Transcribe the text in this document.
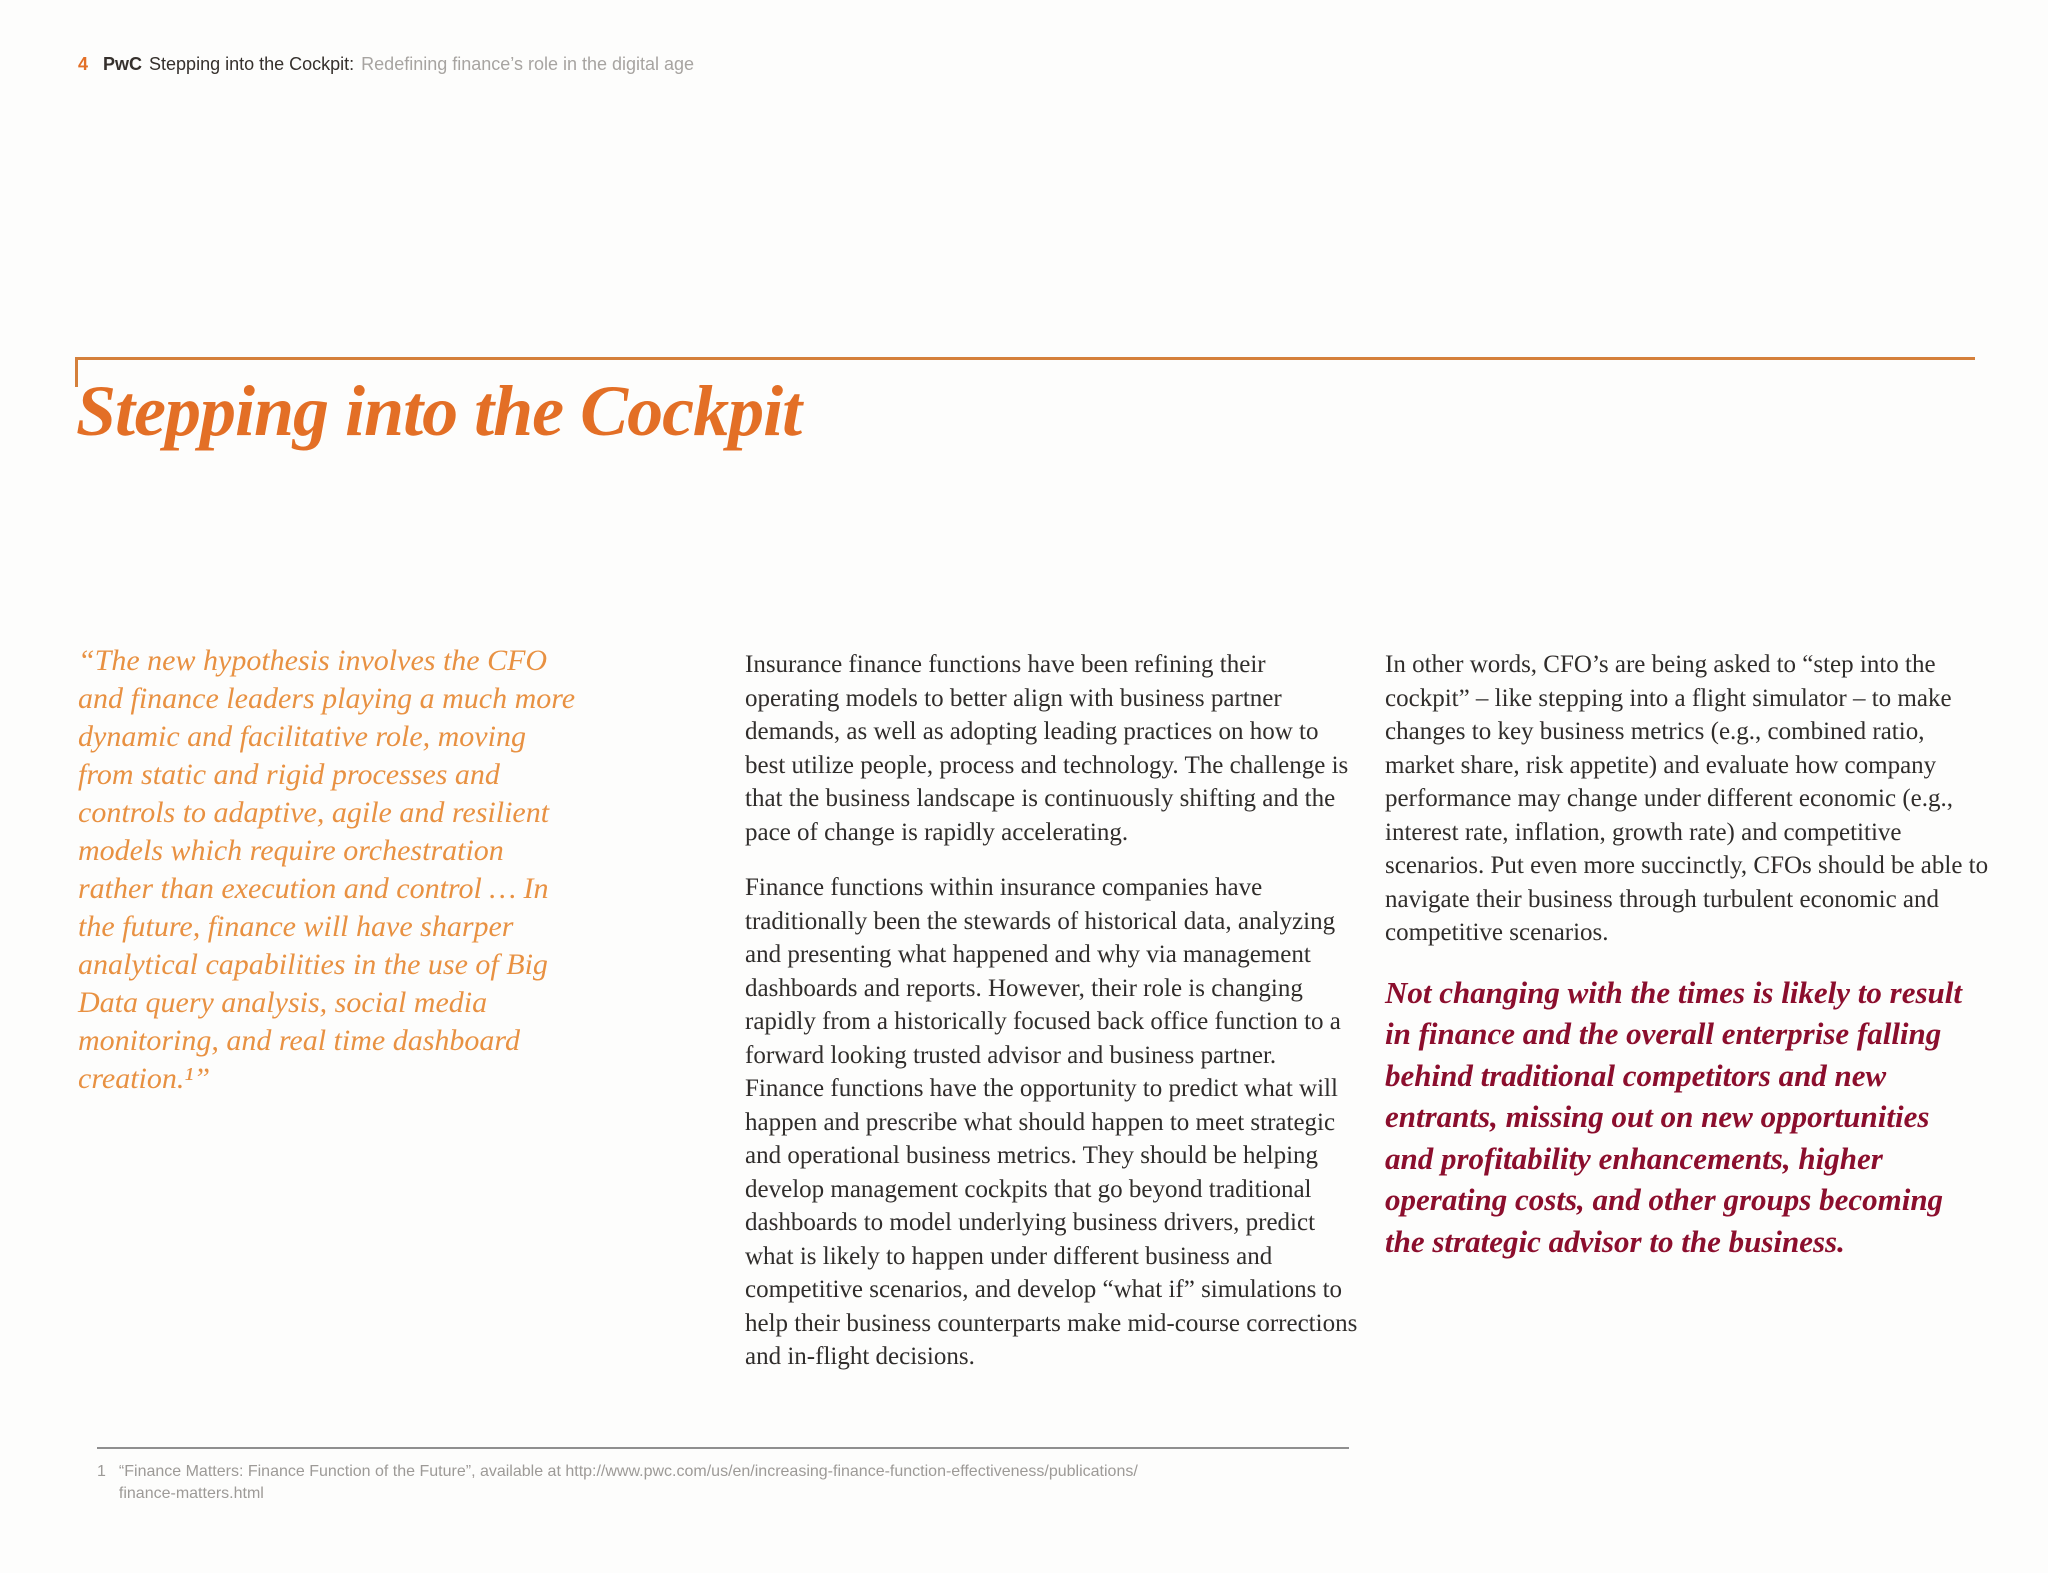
4 PwC Stepping into the Cockpit: Redefining finance’s role in the digital age
Stepping into the Cockpit
“The new hypothesis involves the CFO and finance leaders playing a much more dynamic and facilitative role, moving from static and rigid processes and controls to adaptive, agile and resilient models which require orchestration rather than execution and control … In the future, finance will have sharper analytical capabilities in the use of Big Data query analysis, social media monitoring, and real time dashboard creation.¹”

Insurance finance functions have been refining their operating models to better align with business partner demands, as well as adopting leading practices on how to best utilize people, process and technology. The challenge is that the business landscape is continuously shifting and the pace of change is rapidly accelerating.

Finance functions within insurance companies have traditionally been the stewards of historical data, analyzing and presenting what happened and why via management dashboards and reports. However, their role is changing rapidly from a historically focused back office function to a forward looking trusted advisor and business partner. Finance functions have the opportunity to predict what will happen and prescribe what should happen to meet strategic and operational business metrics. They should be helping develop management cockpits that go beyond traditional dashboards to model underlying business drivers, predict what is likely to happen under different business and competitive scenarios, and develop “what if” simulations to help their business counterparts make mid-course corrections and in-flight decisions.

In other words, CFO’s are being asked to “step into the cockpit” – like stepping into a flight simulator – to make changes to key business metrics (e.g., combined ratio, market share, risk appetite) and evaluate how company performance may change under different economic (e.g., interest rate, inflation, growth rate) and competitive scenarios. Put even more succinctly, CFOs should be able to navigate their business through turbulent economic and competitive scenarios.

Not changing with the times is likely to result in finance and the overall enterprise falling behind traditional competitors and new entrants, missing out on new opportunities and profitability enhancements, higher operating costs, and other groups becoming the strategic advisor to the business.
1 “Finance Matters: Finance Function of the Future”, available at http://www.pwc.com/us/en/increasing-finance-function-effectiveness/publications/
finance-matters.html
